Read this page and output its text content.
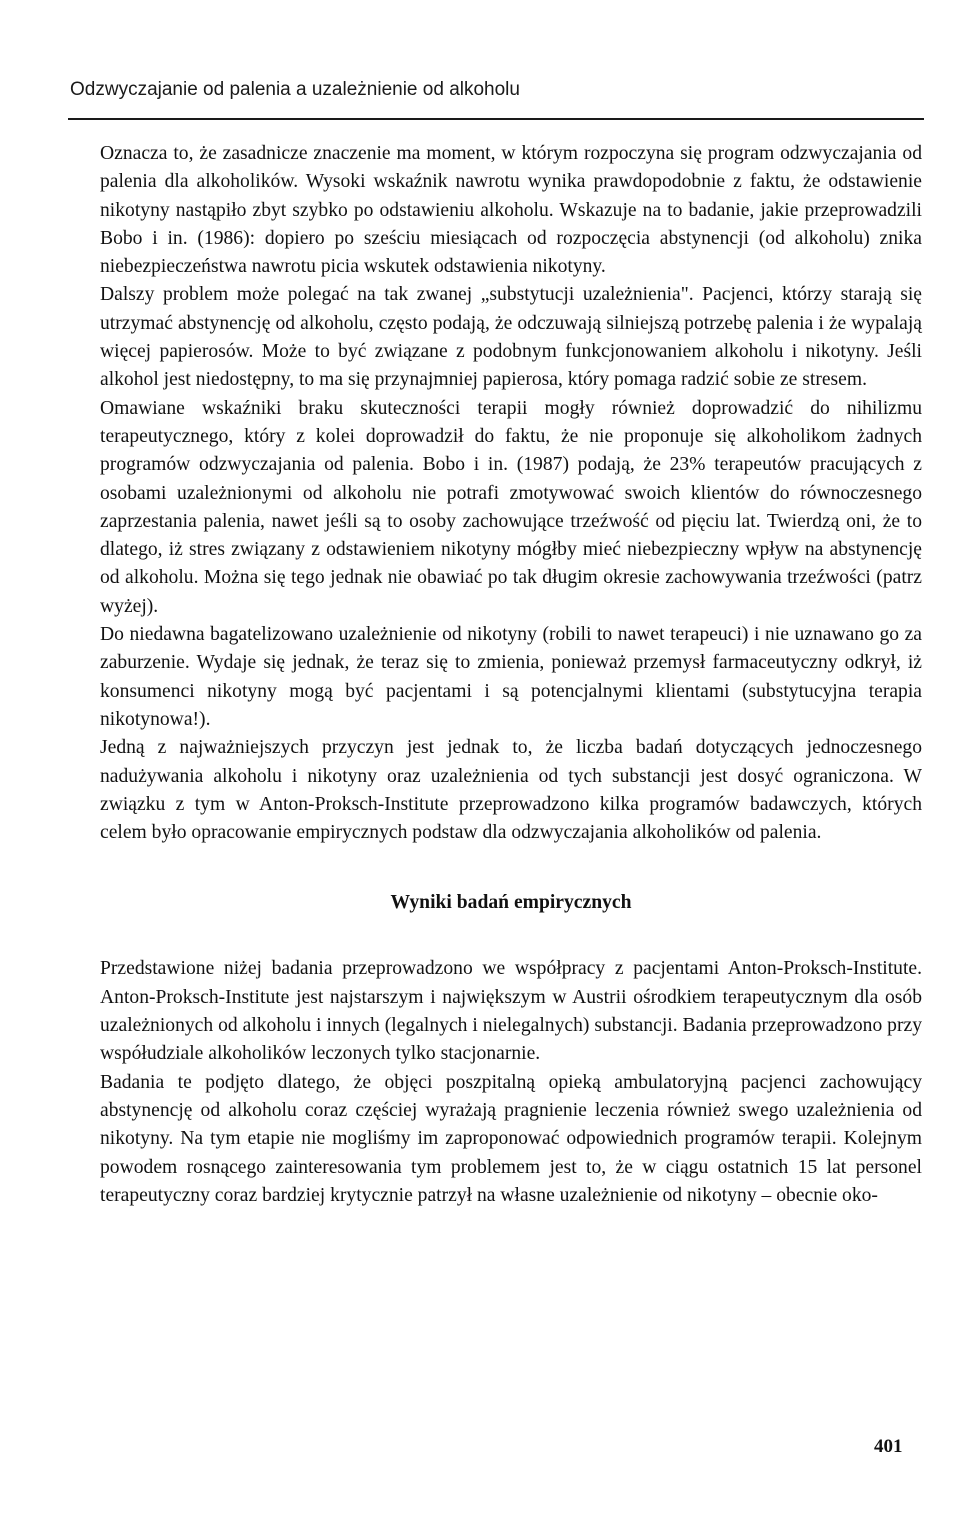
Odzwyczajanie od palenia a uzależnienie od alkoholu

Oznacza to, że zasadnicze znaczenie ma moment, w którym rozpoczyna się program odzwyczajania od palenia dla alkoholików. Wysoki wskaźnik nawrotu wynika prawdopodobnie z faktu, że odstawienie nikotyny nastąpiło zbyt szybko po odstawieniu alkoholu. Wskazuje na to badanie, jakie przeprowadzili Bobo i in. (1986): dopiero po sześciu miesiącach od rozpoczęcia abstynencji (od alkoholu) znika niebezpieczeństwa nawrotu picia wskutek odstawienia nikotyny.

Dalszy problem może polegać na tak zwanej „substytucji uzależnienia". Pacjenci, którzy starają się utrzymać abstynencję od alkoholu, często podają, że odczuwają silniejszą potrzebę palenia i że wypalają więcej papierosów. Może to być związane z podobnym funkcjonowaniem alkoholu i nikotyny. Jeśli alkohol jest niedostępny, to ma się przynajmniej papierosa, który pomaga radzić sobie ze stresem.

Omawiane wskaźniki braku skuteczności terapii mogły również doprowadzić do nihilizmu terapeutycznego, który z kolei doprowadził do faktu, że nie proponuje się alkoholikom żadnych programów odzwyczajania od palenia. Bobo i in. (1987) podają, że 23% terapeutów pracujących z osobami uzależnionymi od alkoholu nie potrafi zmotywować swoich klientów do równoczesnego zaprzestania palenia, nawet jeśli są to osoby zachowujące trzeźwość od pięciu lat. Twierdzą oni, że to dlatego, iż stres związany z odstawieniem nikotyny mógłby mieć niebezpieczny wpływ na abstynencję od alkoholu. Można się tego jednak nie obawiać po tak długim okresie zachowywania trzeźwości (patrz wyżej).

Do niedawna bagatelizowano uzależnienie od nikotyny (robili to nawet terapeuci) i nie uznawano go za zaburzenie. Wydaje się jednak, że teraz się to zmienia, ponieważ przemysł farmaceutyczny odkrył, iż konsumenci nikotyny mogą być pacjentami i są potencjalnymi klientami (substytucyjna terapia nikotynowa!).

Jedną z najważniejszych przyczyn jest jednak to, że liczba badań dotyczących jednoczesnego nadużywania alkoholu i nikotyny oraz uzależnienia od tych substancji jest dosyć ograniczona. W związku z tym w Anton-Proksch-Institute przeprowadzono kilka programów badawczych, których celem było opracowanie empirycznych podstaw dla odzwyczajania alkoholików od palenia.

Wyniki badań empirycznych

Przedstawione niżej badania przeprowadzono we współpracy z pacjentami Anton-Proksch-Institute. Anton-Proksch-Institute jest najstarszym i największym w Austrii ośrodkiem terapeutycznym dla osób uzależnionych od alkoholu i innych (legalnych i nielegalnych) substancji. Badania przeprowadzono przy współudziale alkoholików leczonych tylko stacjonarnie.

Badania te podjęto dlatego, że objęci poszpitalną opieką ambulatoryjną pacjenci zachowujący abstynencję od alkoholu coraz częściej wyrażają pragnienie leczenia również swego uzależnienia od nikotyny. Na tym etapie nie mogliśmy im zaproponować odpowiednich programów terapii. Kolejnym powodem rosnącego zainteresowania tym problemem jest to, że w ciągu ostatnich 15 lat personel terapeutyczny coraz bardziej krytycznie patrzył na własne uzależnienie od nikotyny – obecnie oko-

401
